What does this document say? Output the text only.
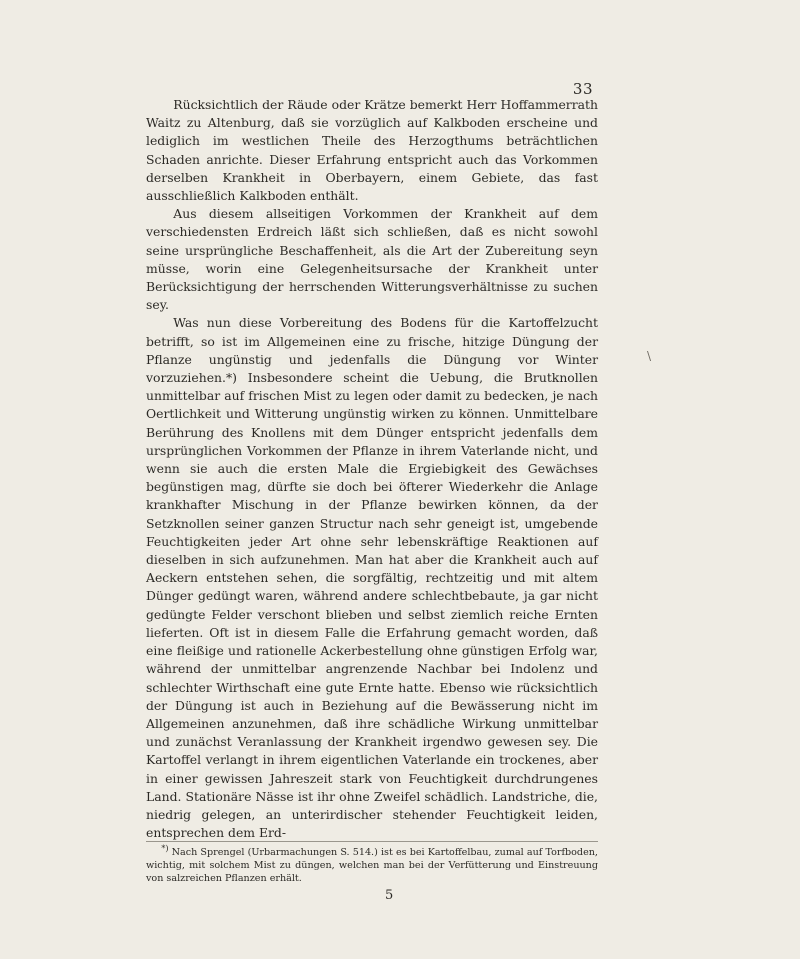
33

Rücksichtlich der Räude oder Krätze bemerkt Herr Hoffammerrath Waitz zu Altenburg, daß sie vorzüglich auf Kalkboden erscheine und lediglich im westlichen Theile des Herzogthums beträchtlichen Schaden anrichte. Dieser Erfahrung entspricht auch das Vorkommen derselben Krankheit in Oberbayern, einem Gebiete, das fast ausschließlich Kalkboden enthält.

Aus diesem allseitigen Vorkommen der Krankheit auf dem verschiedensten Erdreich läßt sich schließen, daß es nicht sowohl seine ursprüngliche Beschaffenheit, als die Art der Zubereitung seyn müsse, worin eine Gelegenheitsursache der Krankheit unter Berücksichtigung der herrschenden Witterungsverhältnisse zu suchen sey.

Was nun diese Vorbereitung des Bodens für die Kartoffelzucht betrifft, so ist im Allgemeinen eine zu frische, hitzige Düngung der Pflanze ungünstig und jedenfalls die Düngung vor Winter vorzuziehen.*) Insbesondere scheint die Uebung, die Brutknollen unmittelbar auf frischen Mist zu legen oder damit zu bedecken, je nach Oertlichkeit und Witterung ungünstig wirken zu können. Unmittelbare Berührung des Knollens mit dem Dünger entspricht jedenfalls dem ursprünglichen Vorkommen der Pflanze in ihrem Vaterlande nicht, und wenn sie auch die ersten Male die Ergiebigkeit des Gewächses begünstigen mag, dürfte sie doch bei öfterer Wiederkehr die Anlage krankhafter Mischung in der Pflanze bewirken können, da der Setzknollen seiner ganzen Structur nach sehr geneigt ist, umgebende Feuchtigkeiten jeder Art ohne sehr lebenskräftige Reaktionen auf dieselben in sich aufzunehmen. Man hat aber die Krankheit auch auf Aeckern entstehen sehen, die sorgfältig, rechtzeitig und mit altem Dünger gedüngt waren, während andere schlechtbebaute, ja gar nicht gedüngte Felder verschont blieben und selbst ziemlich reiche Ernten lieferten. Oft ist in diesem Falle die Erfahrung gemacht worden, daß eine fleißige und rationelle Ackerbestellung ohne günstigen Erfolg war, während der unmittelbar angrenzende Nachbar bei Indolenz und schlechter Wirthschaft eine gute Ernte hatte. Ebenso wie rücksichtlich der Düngung ist auch in Beziehung auf die Bewässerung nicht im Allgemeinen anzunehmen, daß ihre schädliche Wirkung unmittelbar und zunächst Veranlassung der Krankheit irgendwo gewesen sey. Die Kartoffel verlangt in ihrem eigentlichen Vaterlande ein trockenes, aber in einer gewissen Jahreszeit stark von Feuchtigkeit durchdrungenes Land. Stationäre Nässe ist ihr ohne Zweifel schädlich. Landstriche, die, niedrig gelegen, an unterirdischer stehender Feuchtigkeit leiden, entsprechen dem Erd-

\
*) Nach Sprengel (Urbarmachungen S. 514.) ist es bei Kartoffelbau, zumal auf Torfboden, wichtig, mit solchem Mist zu düngen, welchen man bei der Verfütterung und Einstreuung von salzreichen Pflanzen erhält.
5
